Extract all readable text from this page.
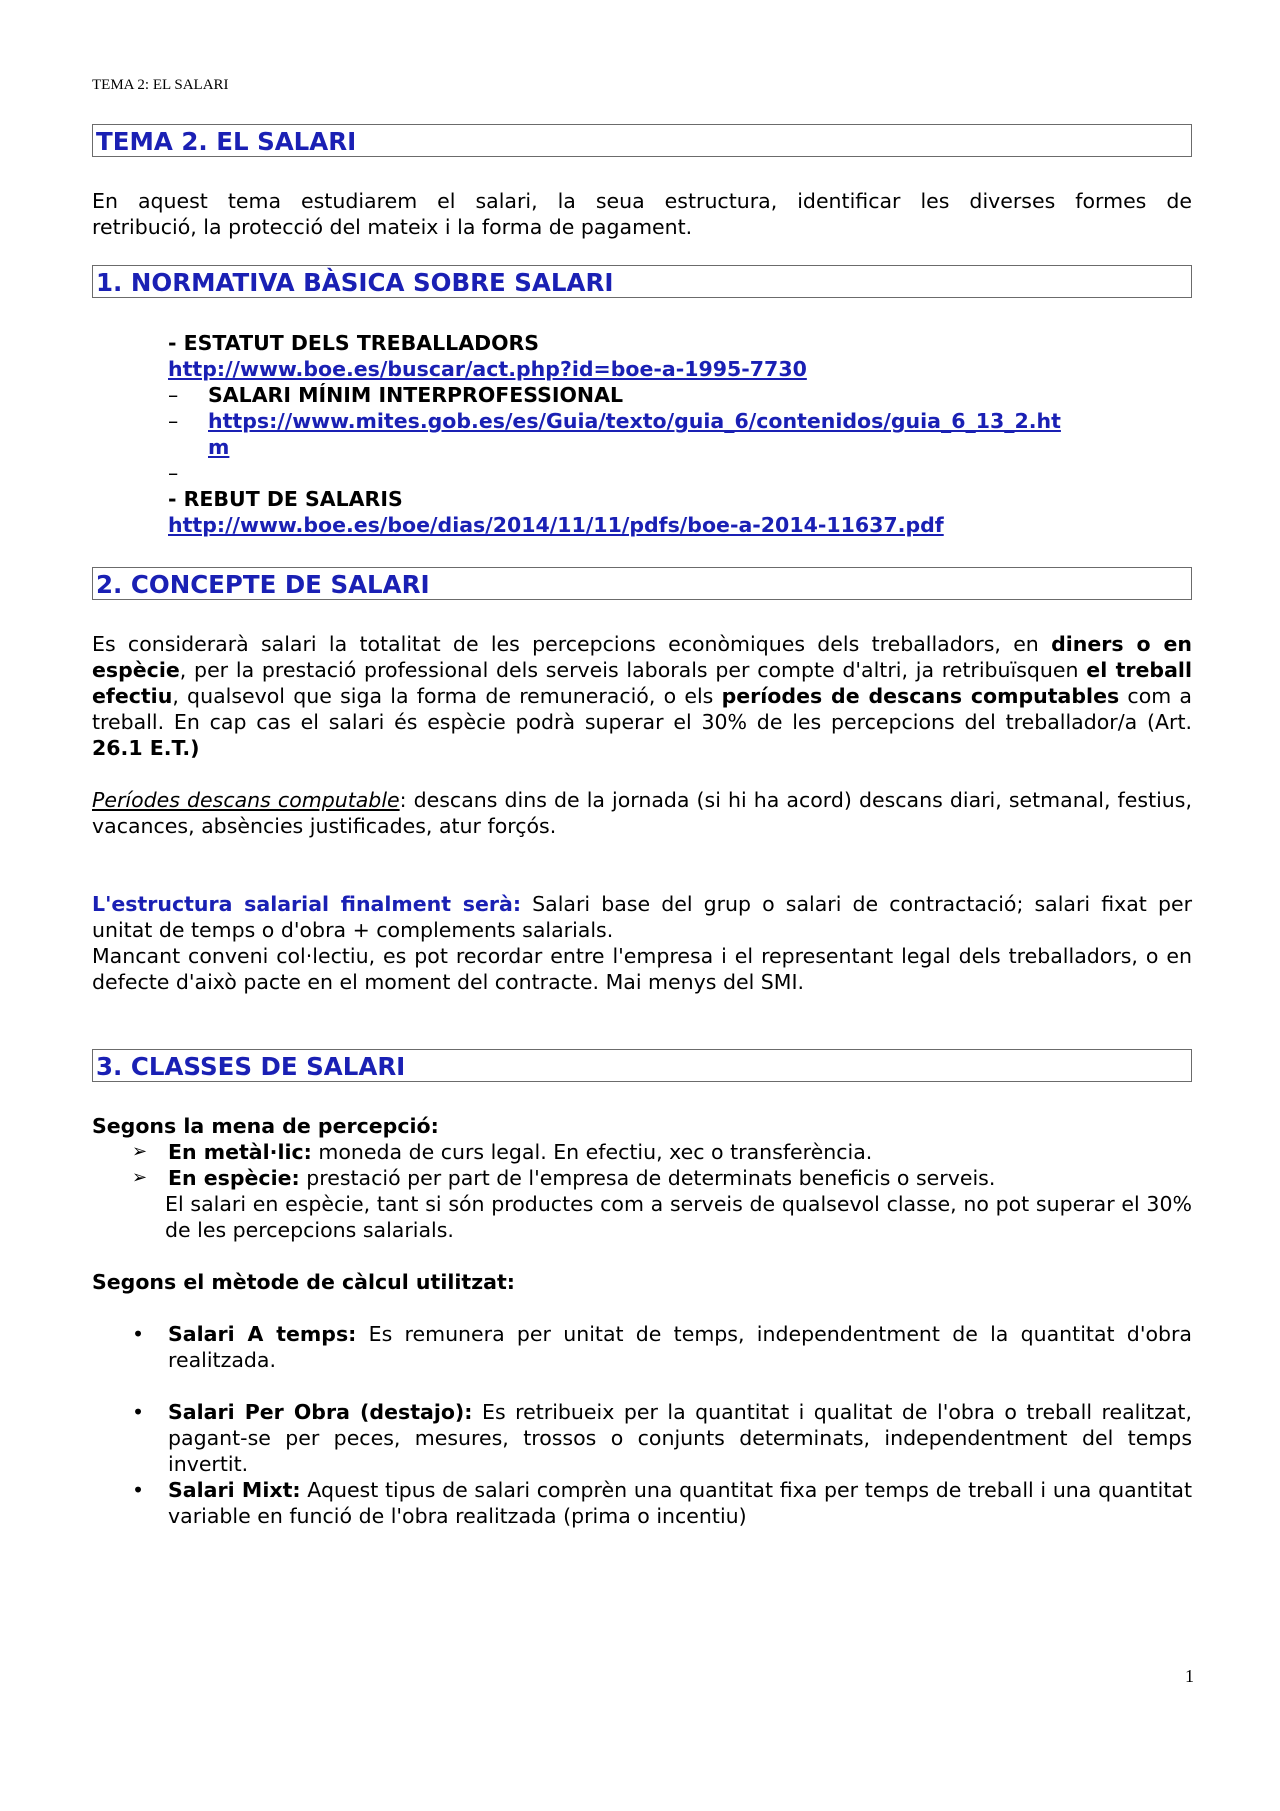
TEMA 2: EL SALARI
TEMA 2. EL SALARI
En aquest tema estudiarem el salari, la seua estructura, identificar les diverses formes de
retribució, la protecció del mateix i la forma de pagament.
1. NORMATIVA BÀSICA SOBRE SALARI
- ESTATUT DELS TREBALLADORS
http://www.boe.es/buscar/act.php?id=boe-a-1995-7730
– SALARI MÍNIM INTERPROFESSIONAL
– https://www.mites.gob.es/es/Guia/texto/guia_6/contenidos/guia_6_13_2.ht
m
–
- REBUT DE SALARIS
http://www.boe.es/boe/dias/2014/11/11/pdfs/boe-a-2014-11637.pdf
2. CONCEPTE DE SALARI
Es considerarà salari la totalitat de les percepcions econòmiques dels treballadors, en diners o en espècie, per la prestació professional dels serveis laborals per compte d'altri, ja retribuïsquen el treball efectiu, qualsevol que siga la forma de remuneració, o els períodes de descans computables com a treball. En cap cas el salari és espècie podrà superar el 30% de les percepcions del treballador/a (Art. 26.1 E.T.)
Períodes descans computable: descans dins de la jornada (si hi ha acord) descans diari, setmanal, festius, vacances, absències justificades, atur forçós.
L'estructura salarial finalment serà: Salari base del grup o salari de contractació; salari fixat per unitat de temps o d'obra + complements salarials.
Mancant conveni col·lectiu, es pot recordar entre l'empresa i el representant legal dels treballadors, o en defecte d'això pacte en el moment del contracte. Mai menys del SMI.
3. CLASSES DE SALARI
Segons la mena de percepció:
➢ En metàl·lic: moneda de curs legal. En efectiu, xec o transferència.
➢ En espècie: prestació per part de l'empresa de determinats beneficis o serveis.
El salari en espècie, tant si són productes com a serveis de qualsevol classe, no pot superar el 30% de les percepcions salarials.
Segons el mètode de càlcul utilitzat:
• Salari A temps: Es remunera per unitat de temps, independentment de la quantitat d'obra realitzada.
• Salari Per Obra (destajo): Es retribueix per la quantitat i qualitat de l'obra o treball realitzat, pagant-se per peces, mesures, trossos o conjunts determinats, independentment del temps invertit.
• Salari Mixt: Aquest tipus de salari comprèn una quantitat fixa per temps de treball i una quantitat variable en funció de l'obra realitzada (prima o incentiu)
1
